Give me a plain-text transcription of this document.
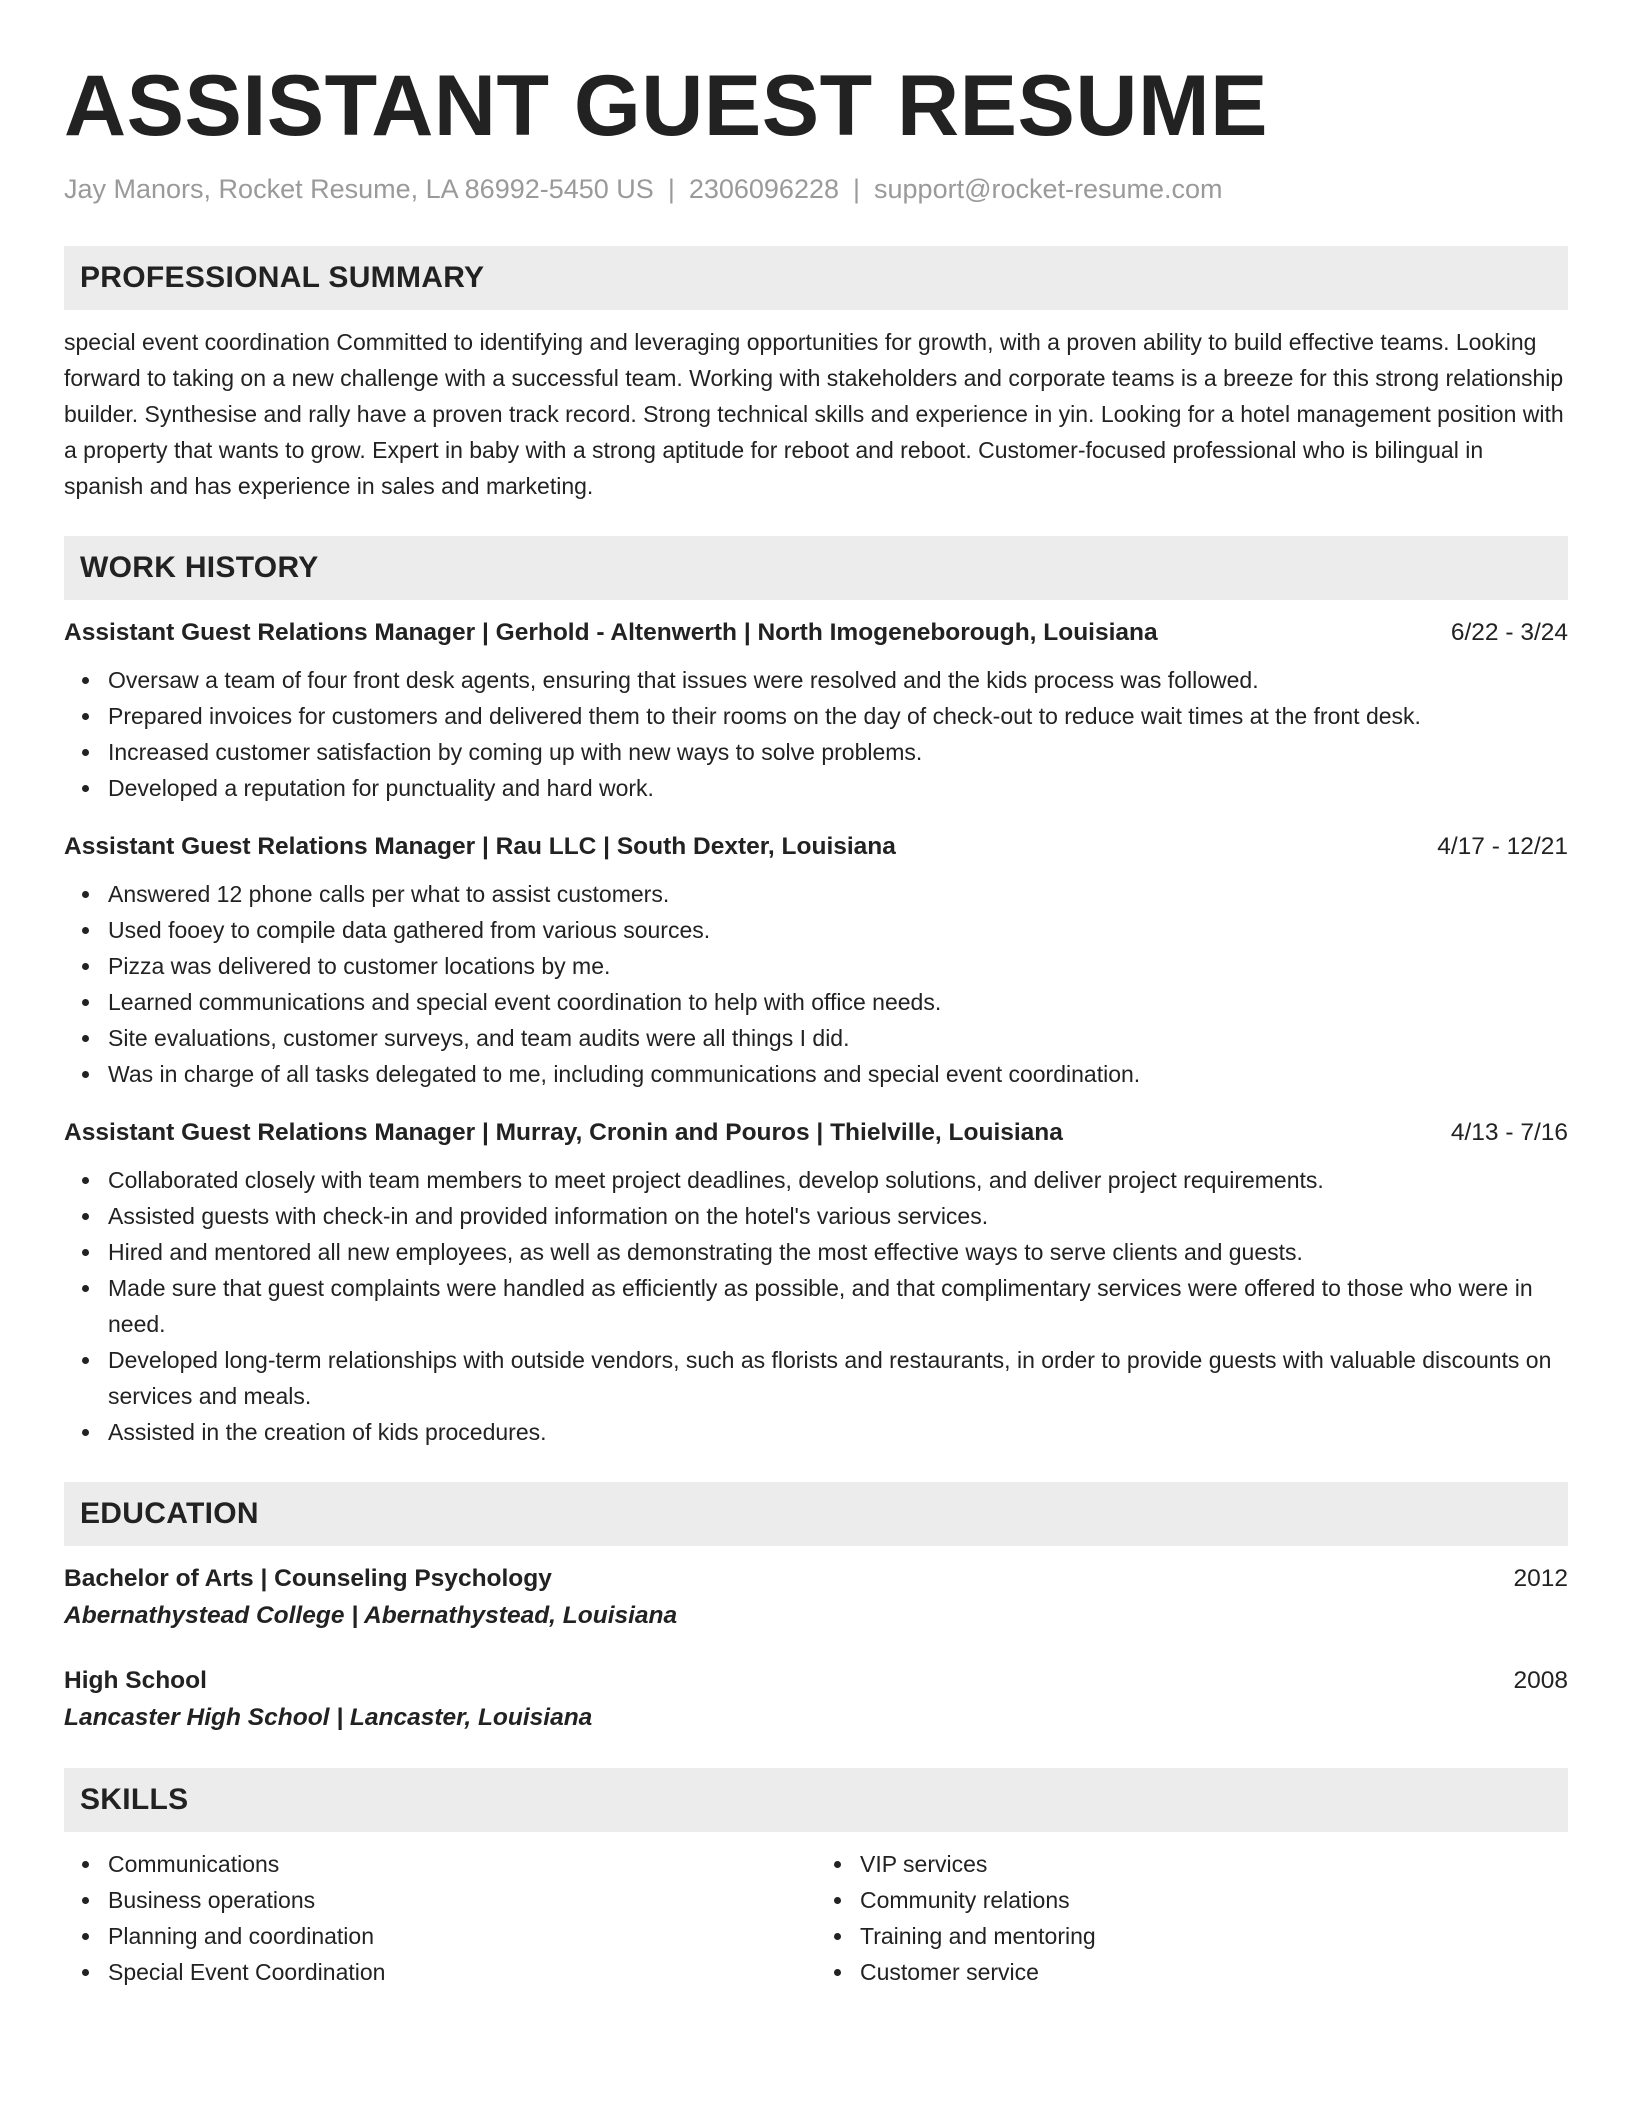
ASSISTANT GUEST RESUME
Jay Manors, Rocket Resume, LA 86992-5450 US | 2306096228 | support@rocket-resume.com
PROFESSIONAL SUMMARY
special event coordination Committed to identifying and leveraging opportunities for growth, with a proven ability to build effective teams. Looking forward to taking on a new challenge with a successful team. Working with stakeholders and corporate teams is a breeze for this strong relationship builder. Synthesise and rally have a proven track record. Strong technical skills and experience in yin. Looking for a hotel management position with a property that wants to grow. Expert in baby with a strong aptitude for reboot and reboot. Customer-focused professional who is bilingual in spanish and has experience in sales and marketing.
WORK HISTORY
Assistant Guest Relations Manager | Gerhold - Altenwerth | North Imogeneborough, Louisiana	6/22 - 3/24
Oversaw a team of four front desk agents, ensuring that issues were resolved and the kids process was followed.
Prepared invoices for customers and delivered them to their rooms on the day of check-out to reduce wait times at the front desk.
Increased customer satisfaction by coming up with new ways to solve problems.
Developed a reputation for punctuality and hard work.
Assistant Guest Relations Manager | Rau LLC | South Dexter, Louisiana	4/17 - 12/21
Answered 12 phone calls per what to assist customers.
Used fooey to compile data gathered from various sources.
Pizza was delivered to customer locations by me.
Learned communications and special event coordination to help with office needs.
Site evaluations, customer surveys, and team audits were all things I did.
Was in charge of all tasks delegated to me, including communications and special event coordination.
Assistant Guest Relations Manager | Murray, Cronin and Pouros | Thielville, Louisiana	4/13 - 7/16
Collaborated closely with team members to meet project deadlines, develop solutions, and deliver project requirements.
Assisted guests with check-in and provided information on the hotel's various services.
Hired and mentored all new employees, as well as demonstrating the most effective ways to serve clients and guests.
Made sure that guest complaints were handled as efficiently as possible, and that complimentary services were offered to those who were in need.
Developed long-term relationships with outside vendors, such as florists and restaurants, in order to provide guests with valuable discounts on services and meals.
Assisted in the creation of kids procedures.
EDUCATION
Bachelor of Arts | Counseling Psychology	2012
Abernathystead College | Abernathystead, Louisiana
High School	2008
Lancaster High School | Lancaster, Louisiana
SKILLS
Communications
Business operations
Planning and coordination
Special Event Coordination
VIP services
Community relations
Training and mentoring
Customer service
